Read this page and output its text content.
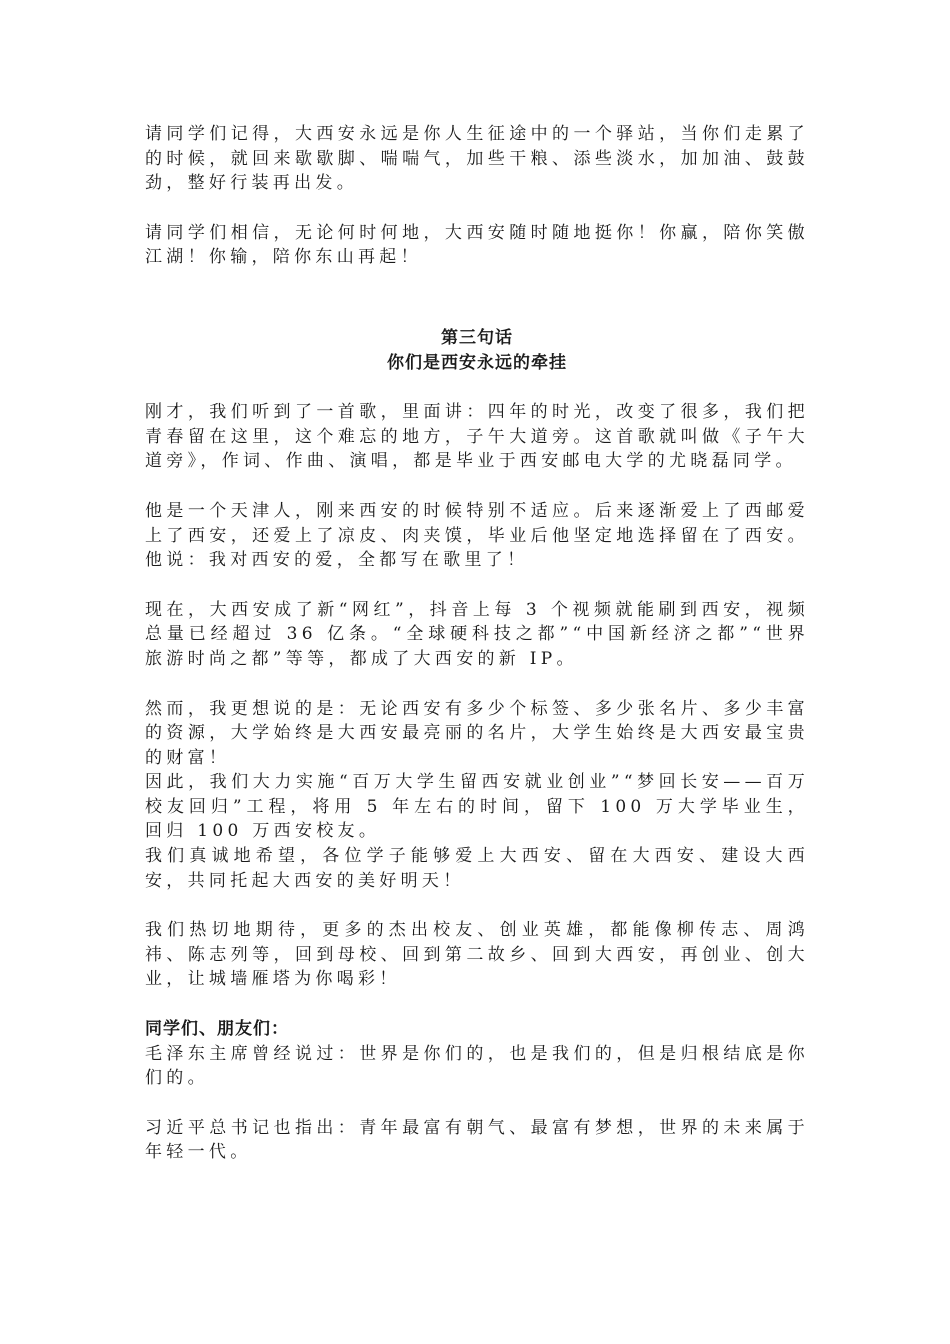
请同学们记得，大西安永远是你人生征途中的一个驿站，当你们走累了的时候，就回来歇歇脚、喘喘气，加些干粮、添些淡水，加加油、鼓鼓劲，整好行装再出发。

请同学们相信，无论何时何地，大西安随时随地挺你！你赢，陪你笑傲江湖！你输，陪你东山再起！

第三句话

你们是西安永远的牵挂

刚才，我们听到了一首歌，里面讲：四年的时光，改变了很多，我们把青春留在这里，这个难忘的地方，子午大道旁。这首歌就叫做《子午大道旁》，作词、作曲、演唱，都是毕业于西安邮电大学的尤晓磊同学。

他是一个天津人，刚来西安的时候特别不适应。后来逐渐爱上了西邮爱上了西安，还爱上了凉皮、肉夹馍，毕业后他坚定地选择留在了西安。他说：我对西安的爱，全都写在歌里了！

现在，大西安成了新“网红”，抖音上每 3 个视频就能刷到西安，视频总量已经超过 36 亿条。“全球硬科技之都”“中国新经济之都”“世界旅游时尚之都”等等，都成了大西安的新 IP。

然而，我更想说的是：无论西安有多少个标签、多少张名片、多少丰富的资源，大学始终是大西安最亮丽的名片，大学生始终是大西安最宝贵的财富！

因此，我们大力实施“百万大学生留西安就业创业”“梦回长安——百万校友回归”工程，将用 5 年左右的时间，留下 100 万大学毕业生，回归 100 万西安校友。

我们真诚地希望，各位学子能够爱上大西安、留在大西安、建设大西安，共同托起大西安的美好明天！

我们热切地期待，更多的杰出校友、创业英雄，都能像柳传志、周鸿祎、陈志列等，回到母校、回到第二故乡、回到大西安，再创业、创大业，让城墙雁塔为你喝彩！

同学们、朋友们：

毛泽东主席曾经说过：世界是你们的，也是我们的，但是归根结底是你们的。

习近平总书记也指出：青年最富有朝气、最富有梦想，世界的未来属于年轻一代。
